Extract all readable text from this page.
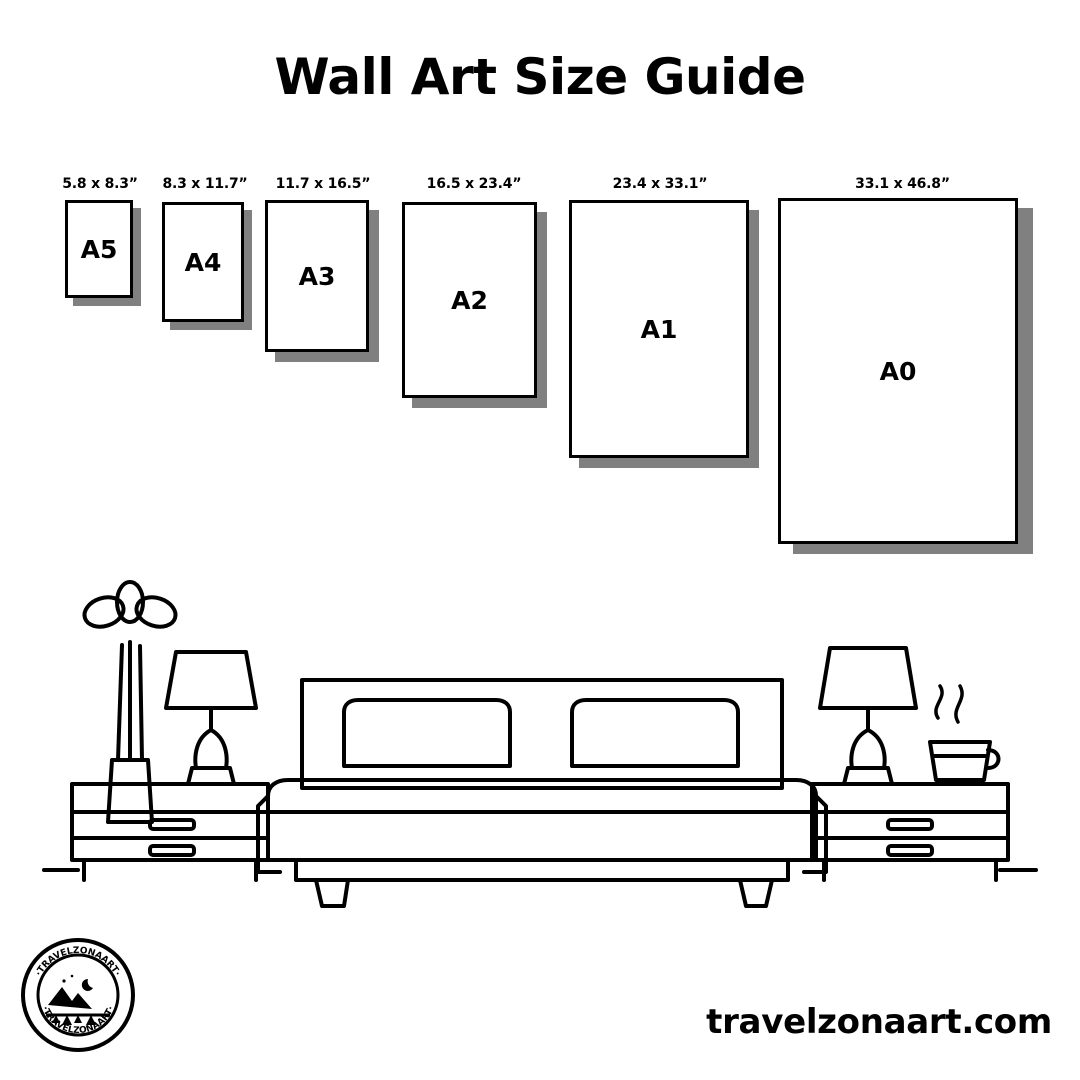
Wall Art Size Guide
5.8 x 8.3”
A5
8.3 x 11.7”
A4
11.7 x 16.5”
A3
16.5 x 23.4”
A2
23.4 x 33.1”
A1
33.1 x 46.8”
A0
·TRAVELZONAART·
·TRAVELZONAART·	travelzonaart.com
